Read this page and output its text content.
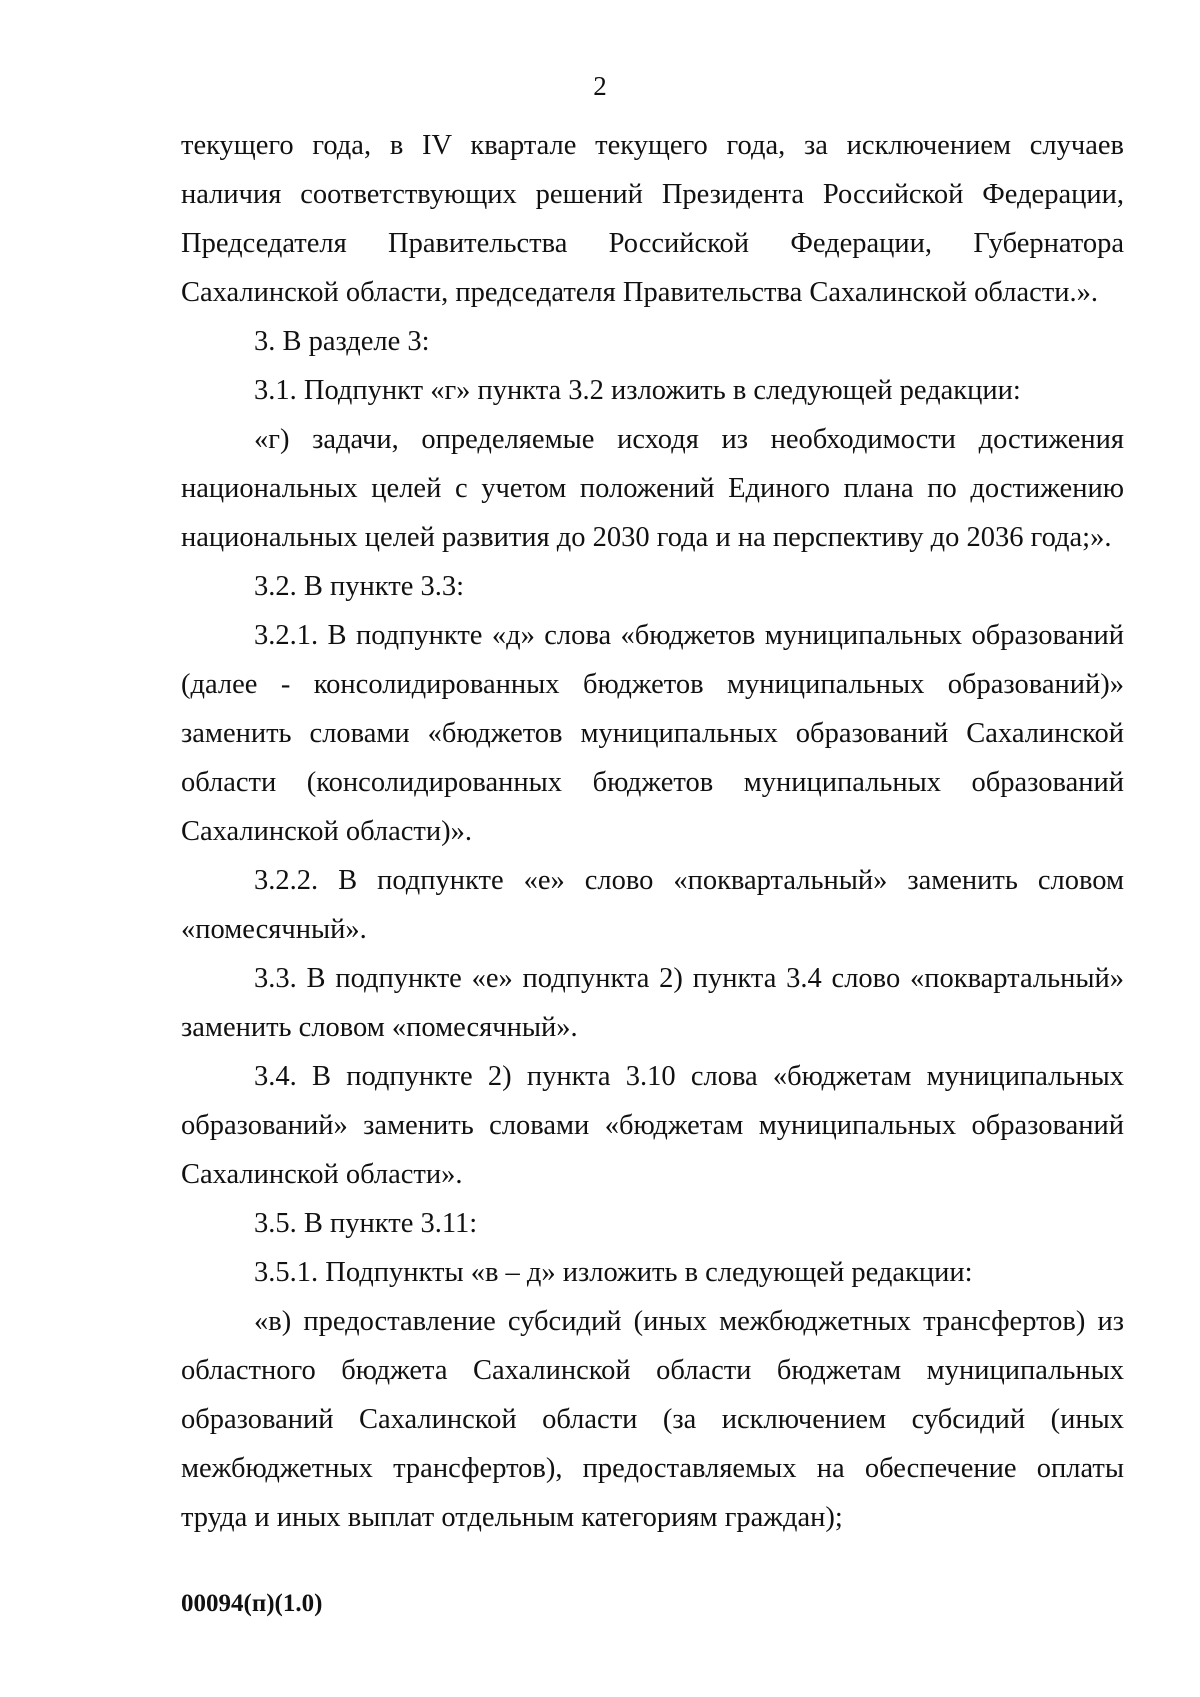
2

текущего года, в IV квартале текущего года, за исключением случаев наличия соответствующих решений Президента Российской Федерации, Председателя Правительства Российской Федерации, Губернатора Сахалинской области, председателя Правительства Сахалинской области.».

3. В разделе 3:

3.1. Подпункт «г» пункта 3.2 изложить в следующей редакции:

«г) задачи, определяемые исходя из необходимости достижения национальных целей с учетом положений Единого плана по достижению национальных целей развития до 2030 года и на перспективу до 2036 года;».

3.2. В пункте 3.3:

3.2.1. В подпункте «д» слова «бюджетов муниципальных образований (далее - консолидированных бюджетов муниципальных образований)» заменить словами «бюджетов муниципальных образований Сахалинской области (консолидированных бюджетов муниципальных образований Сахалинской области)».

3.2.2. В подпункте «е» слово «поквартальный» заменить словом «помесячный».

3.3. В подпункте «е» подпункта 2) пункта 3.4 слово «поквартальный» заменить словом «помесячный».

3.4. В подпункте 2) пункта 3.10 слова «бюджетам муниципальных образований» заменить словами «бюджетам муниципальных образований Сахалинской области».

3.5. В пункте 3.11:

3.5.1. Подпункты «в – д» изложить в следующей редакции:

«в) предоставление субсидий (иных межбюджетных трансфертов) из областного бюджета Сахалинской области бюджетам муниципальных образований Сахалинской области (за исключением субсидий (иных межбюджетных трансфертов), предоставляемых на обеспечение оплаты труда и иных выплат отдельным категориям граждан);

00094(п)(1.0)
